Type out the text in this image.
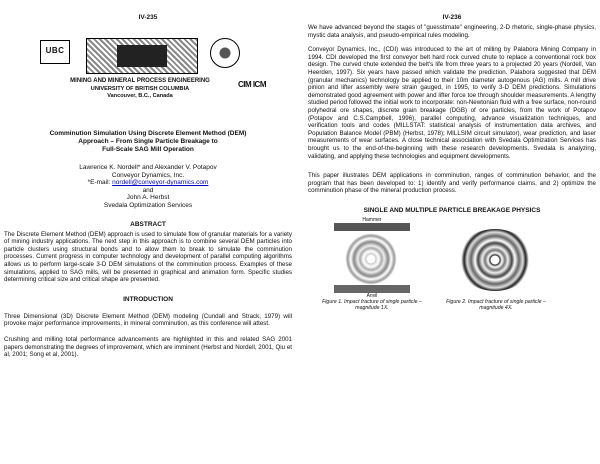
IV-235
UBC
MINING AND MINERAL PROCESS ENGINEERING
UNIVERSITY OF BRITISH COLUMBIA
Vancouver, B.C., Canada
CIM ICM
Comminution Simulation Using Discrete Element Method (DEM)
Approach – From Single Particle Breakage to
Full-Scale SAG Mill Operation
Lawrence K. Nordell* and Alexander V. Potapov
Conveyor Dynamics, Inc.
*E-mail: nordell@conveyor-dynamics.com
and
John A. Herbst
Svedala Optimization Services
ABSTRACT

The Discrete Element Method (DEM) approach is used to simulate flow of granular materials for a variety of mining industry applications. The next step in this approach is to combine several DEM particles into particle clusters using structural bonds and to allow them to break to simulate the comminution processes. Current progress in computer technology and development of parallel computing algorithms allows us to perform large-scale 3-D DEM simulations of the comminution process. Examples of these simulations, applied to SAG mills, will be presented in graphical and animation form. Specific studies determining critical size and critical shape are presented.

INTRODUCTION

Three Dimensional (3D) Discrete Element Method (DEM) modeling (Cundall and Strack, 1979) will provoke major performance improvements, in mineral comminution, as this conference will attest.

Crushing and milling total performance advancements are highlighted in this and related SAG 2001 papers demonstrating the degrees of improvement, which are imminent (Herbst and Nordell, 2001, Qiu et al, 2001; Song et al, 2001).

IV-236

We have advanced beyond the stages of "guesstimate" engineering, 2-D rhetoric, single-phase physics, mystic data analysis, and pseudo-empirical rules modeling.

Conveyor Dynamics, Inc., (CDI) was introduced to the art of milling by Palabora Mining Company in 1994. CDI developed the first conveyor belt hard rock curved chute to replace a conventional rock box design. The curved chute extended the belt's life from three years to a projected 20 years (Nordell, Van Heerden, 1997). Six years have passed which validate the prediction. Palabora suggested that DEM (granular mechanics) technology be applied to their 10m diameter autogenous (AG) mills. A mill drive pinion and lifter assembly were strain gauged, in 1995, to verify 3-D DEM predictions. Simulations demonstrated good agreement with power and lifter force toe through shoulder measurements. A lengthy studied period followed the initial work to incorporate: non-Newtonian fluid with a free surface, non-round polyhedral ore shapes, discrete grain breakage (DGB) of ore particles, from the work of Potapov (Potapov and C.S.Campbell, 1996), parallel computing, advance visualization techniques, and verification tools and codes (MILLSTAT: statistical analysis of instrumentation data archives, and Population Balance Model (PBM) (Herbst, 1978); MILLSIM circuit simulator), wear prediction, and laser measurements of wear surfaces. A close technical association with Svedala Optimization Services has brought us to the end-of-the-beginning with these research developments. Svedala is analyzing, validating, and applying these technologies and equipment developments.

This paper illustrates DEM applications in comminution, ranges of comminution behavior, and the program that has been developed to: 1) identify and verify performance claims, and 2) optimize the comminution phase of the mineral production process.

SINGLE AND MULTIPLE PARTICLE BREAKAGE PHYSICS
Hammer
Anvil
Figure 1. Impact fracture of single particle – magnitude 1X.
Figure 2. Impact fracture of single particle – magnitude 4X.
